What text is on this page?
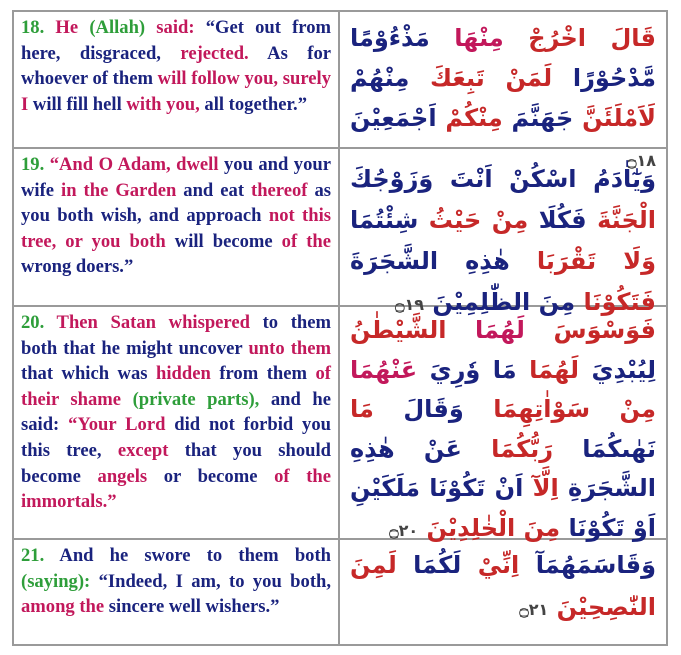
18. He (Allah) said: “Get out from here, disgraced, rejected. As for whoever of them will follow you, surely I will fill hell with you, all together.”
قَالَ اخْرُجْ مِنْهَا مَذْءُوْمًا مَّدْحُوْرًا لَمَنْ تَبِعَكَ مِنْهُمْ لَاَمْلَئَنَّ جَهَنَّمَ مِنْكُمْ اَجْمَعِيْنَ ۝١٨
19. “And O Adam, dwell you and your wife in the Garden and eat thereof as you both wish, and approach not this tree, or you both will become of the wrong doers.”
وَيٰٓاٰدَمُ اسْكُنْ اَنْتَ وَزَوْجُكَ الْجَنَّةَ فَكُلَا مِنْ حَيْثُ شِئْتُمَا وَلَا تَقْرَبَا هٰذِهِ الشَّجَرَةَ فَتَكُوْنَا مِنَ الظّٰلِمِيْنَ ۝١٩
20. Then Satan whispered to them both that he might uncover unto them that which was hidden from them of their shame (private parts), and he said: “Your Lord did not forbid you this tree, except that you should become angels or become of the immortals.”
فَوَسْوَسَ لَهُمَا الشَّيْطٰنُ لِيُبْدِيَ لَهُمَا مَا وٗرِيَ عَنْهُمَا مِنْ سَوْاٰتِهِمَا وَقَالَ مَا نَهٰىكُمَا رَبُّكُمَا عَنْ هٰذِهِ الشَّجَرَةِ اِلَّآ اَنْ تَكُوْنَا مَلَكَيْنِ اَوْ تَكُوْنَا مِنَ الْخٰلِدِيْنَ ۝٢٠
21. And he swore to them both (saying): “Indeed, I am, to you both, among the sincere well wishers.”
وَقَاسَمَهُمَآ اِنِّيْ لَكُمَا لَمِنَ النّٰصِحِيْنَ ۝٢١
